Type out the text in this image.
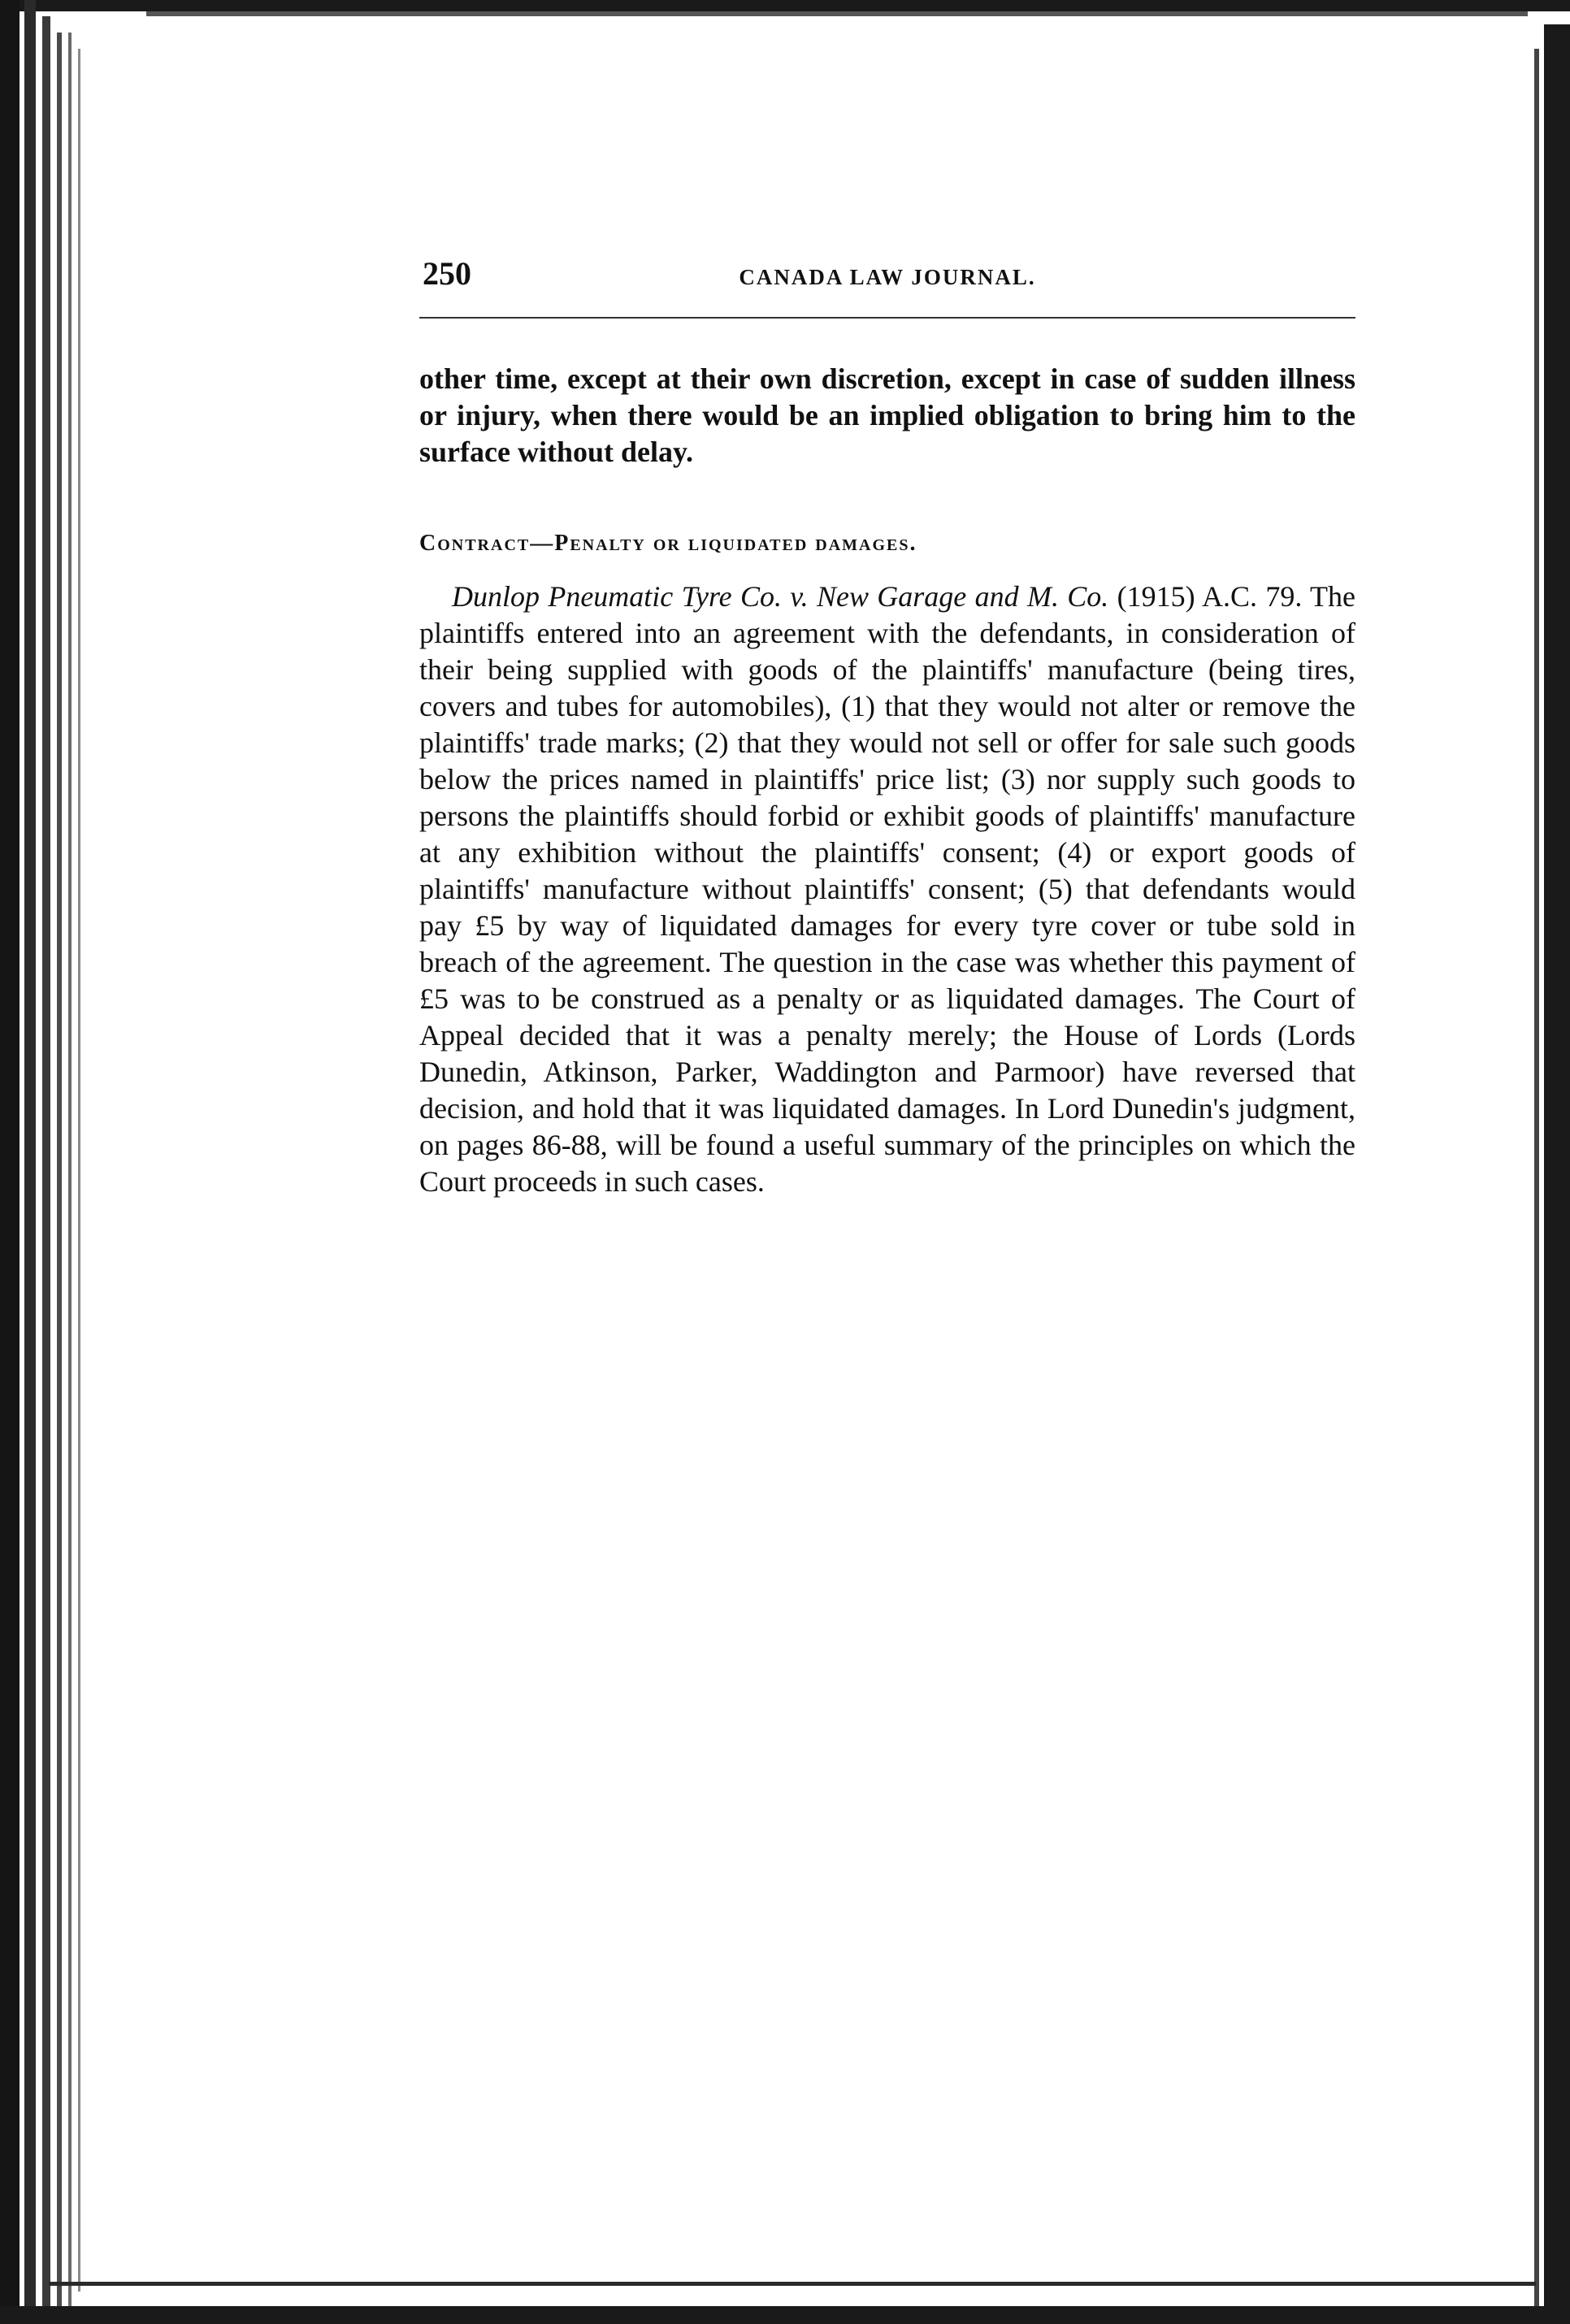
250	CANADA LAW JOURNAL.

other time, except at their own discretion, except in case of sudden illness or injury, when there would be an implied obligation to bring him to the surface without delay.

Contract—Penalty or liquidated damages.

Dunlop Pneumatic Tyre Co. v. New Garage and M. Co. (1915) A.C. 79. The plaintiffs entered into an agreement with the defendants, in consideration of their being supplied with goods of the plaintiffs' manufacture (being tires, covers and tubes for automobiles), (1) that they would not alter or remove the plaintiffs' trade marks; (2) that they would not sell or offer for sale such goods below the prices named in plaintiffs' price list; (3) nor supply such goods to persons the plaintiffs should forbid or exhibit goods of plaintiffs' manufacture at any exhibition without the plaintiffs' consent; (4) or export goods of plaintiffs' manufacture without plaintiffs' consent; (5) that defendants would pay £5 by way of liquidated damages for every tyre cover or tube sold in breach of the agreement. The question in the case was whether this payment of £5 was to be construed as a penalty or as liquidated damages. The Court of Appeal decided that it was a penalty merely; the House of Lords (Lords Dunedin, Atkinson, Parker, Waddington and Parmoor) have reversed that decision, and hold that it was liquidated damages. In Lord Dunedin's judgment, on pages 86-88, will be found a useful summary of the principles on which the Court proceeds in such cases.
